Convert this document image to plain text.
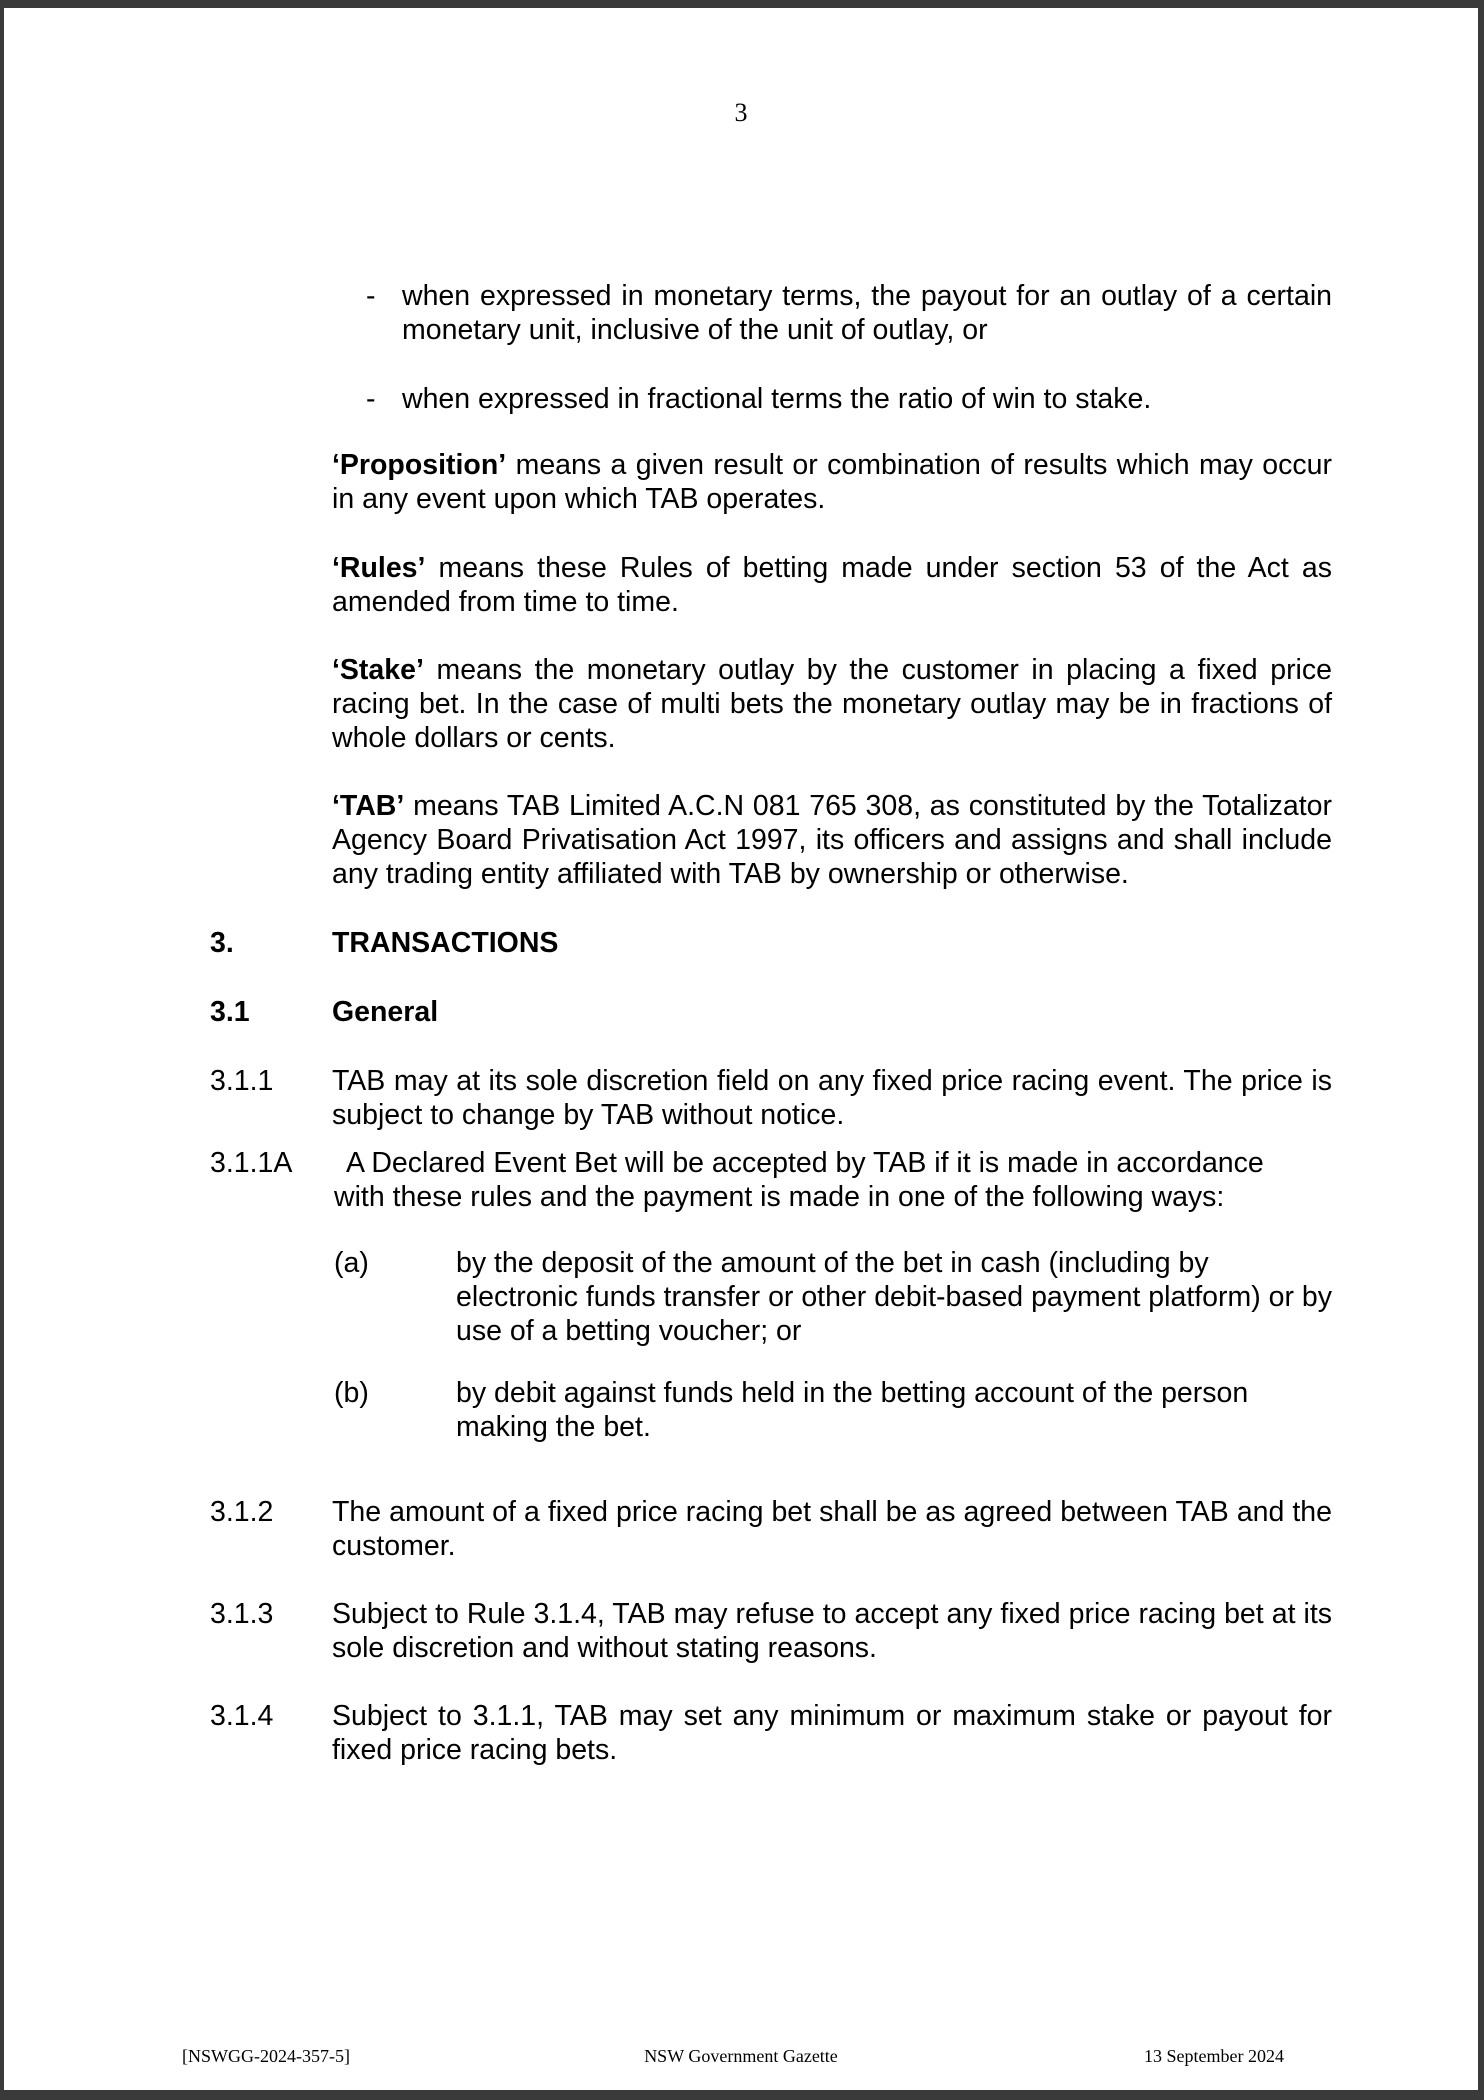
3
- when expressed in monetary terms, the payout for an outlay of a certain monetary unit, inclusive of the unit of outlay, or
- when expressed in fractional terms the ratio of win to stake.
‘Proposition’ means a given result or combination of results which may occur in any event upon which TAB operates.
‘Rules’ means these Rules of betting made under section 53 of the Act as amended from time to time.
‘Stake’ means the monetary outlay by the customer in placing a fixed price racing bet. In the case of multi bets the monetary outlay may be in fractions of whole dollars or cents.
‘TAB’ means TAB Limited A.C.N 081 765 308, as constituted by the Totalizator Agency Board Privatisation Act 1997, its officers and assigns and shall include any trading entity affiliated with TAB by ownership or otherwise.
3.	TRANSACTIONS
3.1	General
3.1.1 TAB may at its sole discretion field on any fixed price racing event. The price is subject to change by TAB without notice.
3.1.1A	A Declared Event Bet will be accepted by TAB if it is made in accordance with these rules and the payment is made in one of the following ways:
(a)	by the deposit of the amount of the bet in cash (including by electronic funds transfer or other debit-based payment platform) or by use of a betting voucher; or
(b)	by debit against funds held in the betting account of the person making the bet.
3.1.2 The amount of a fixed price racing bet shall be as agreed between TAB and the customer.
3.1.3 Subject to Rule 3.1.4, TAB may refuse to accept any fixed price racing bet at its sole discretion and without stating reasons.
3.1.4 Subject to 3.1.1, TAB may set any minimum or maximum stake or payout for fixed price racing bets.
[NSWGG-2024-357-5]	NSW Government Gazette	13 September 2024
